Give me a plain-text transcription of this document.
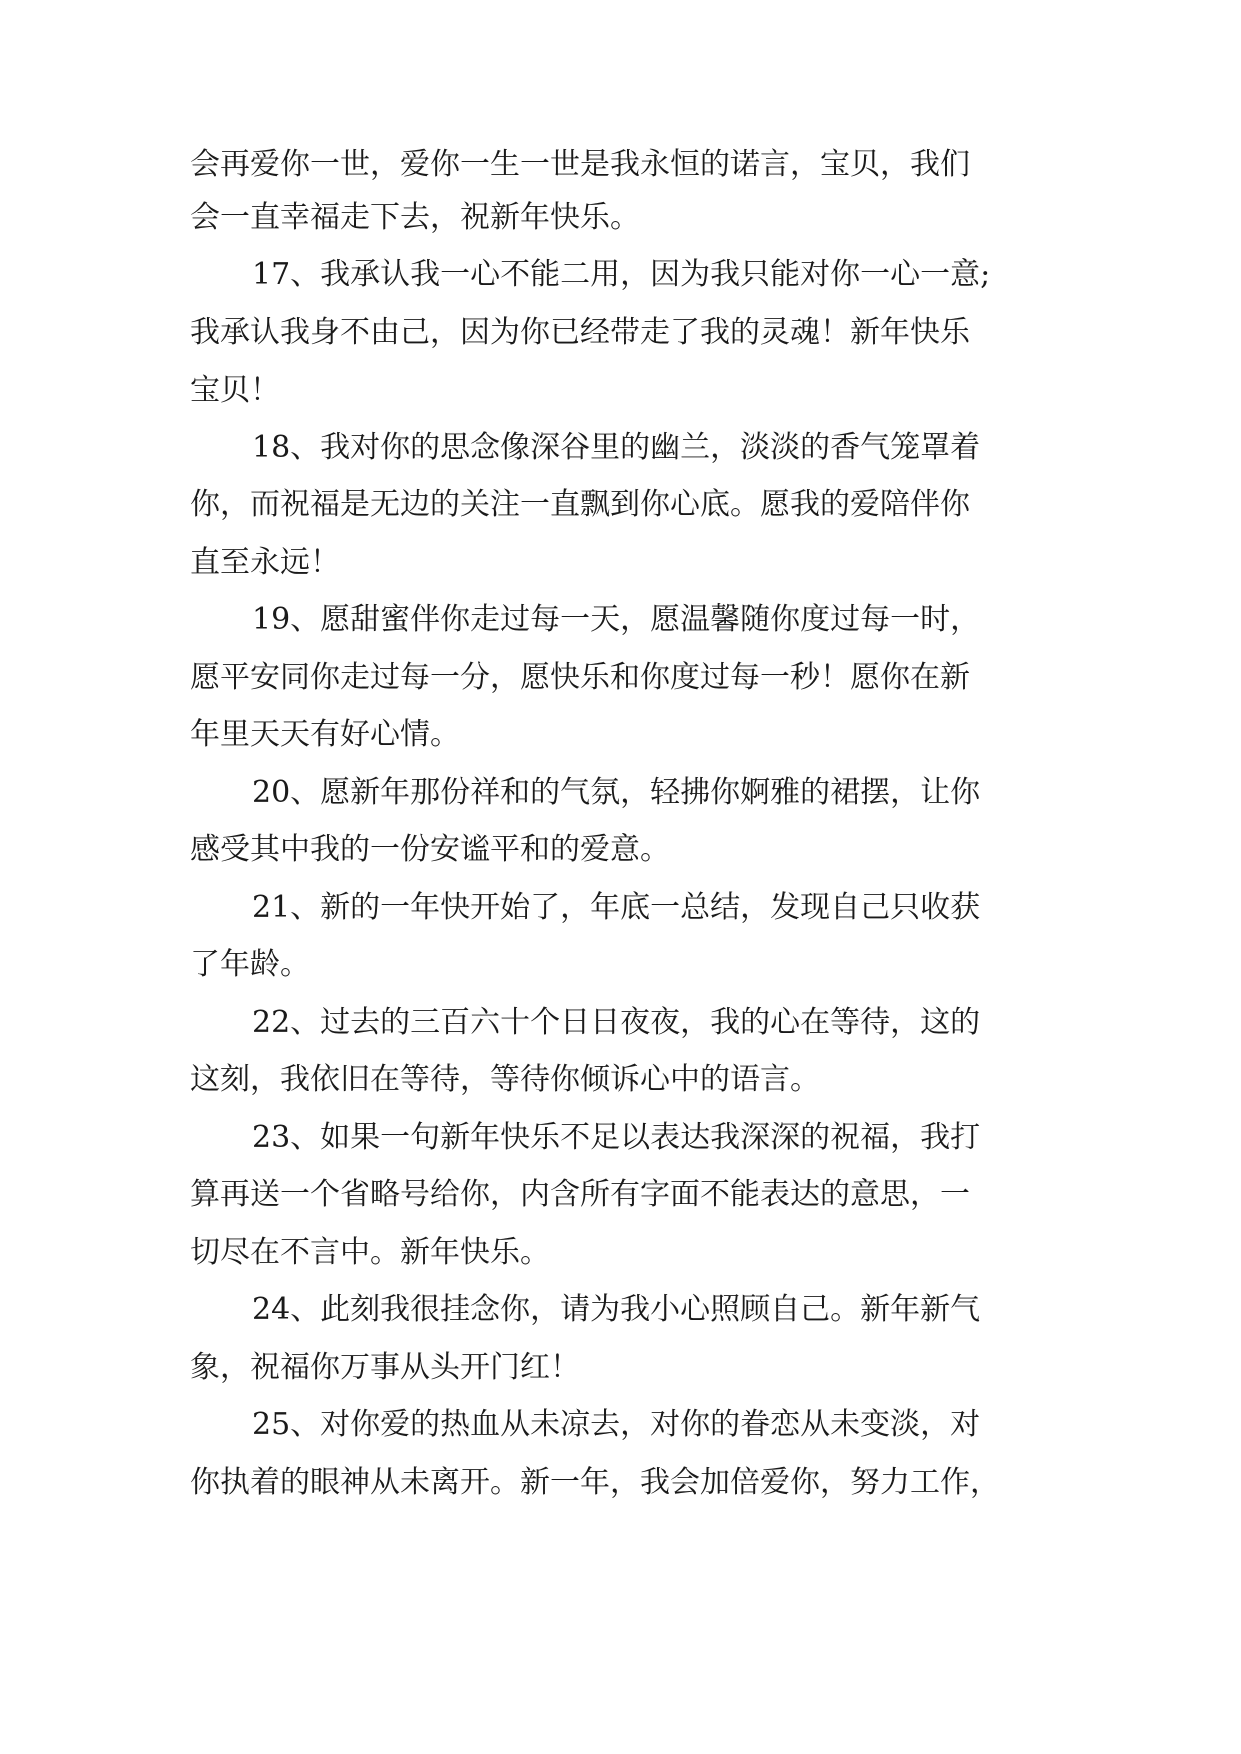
会再爱你一世，爱你一生一世是我永恒的诺言，宝贝，我们
会一直幸福走下去，祝新年快乐。
17、我承认我一心不能二用，因为我只能对你一心一意;
我承认我身不由己，因为你已经带走了我的灵魂！新年快乐
宝贝！
18、我对你的思念像深谷里的幽兰，淡淡的香气笼罩着
你，而祝福是无边的关注一直飘到你心底。愿我的爱陪伴你
直至永远！
19、愿甜蜜伴你走过每一天，愿温馨随你度过每一时，
愿平安同你走过每一分，愿快乐和你度过每一秒！愿你在新
年里天天有好心情。
20、愿新年那份祥和的气氛，轻拂你婀雅的裙摆，让你
感受其中我的一份安谧平和的爱意。
21、新的一年快开始了，年底一总结，发现自己只收获
了年龄。
22、过去的三百六十个日日夜夜，我的心在等待，这的
这刻，我依旧在等待，等待你倾诉心中的语言。
23、如果一句新年快乐不足以表达我深深的祝福，我打
算再送一个省略号给你，内含所有字面不能表达的意思，一
切尽在不言中。新年快乐。
24、此刻我很挂念你，请为我小心照顾自己。新年新气
象，祝福你万事从头开门红！
25、对你爱的热血从未凉去，对你的眷恋从未变淡，对
你执着的眼神从未离开。新一年，我会加倍爱你，努力工作，
